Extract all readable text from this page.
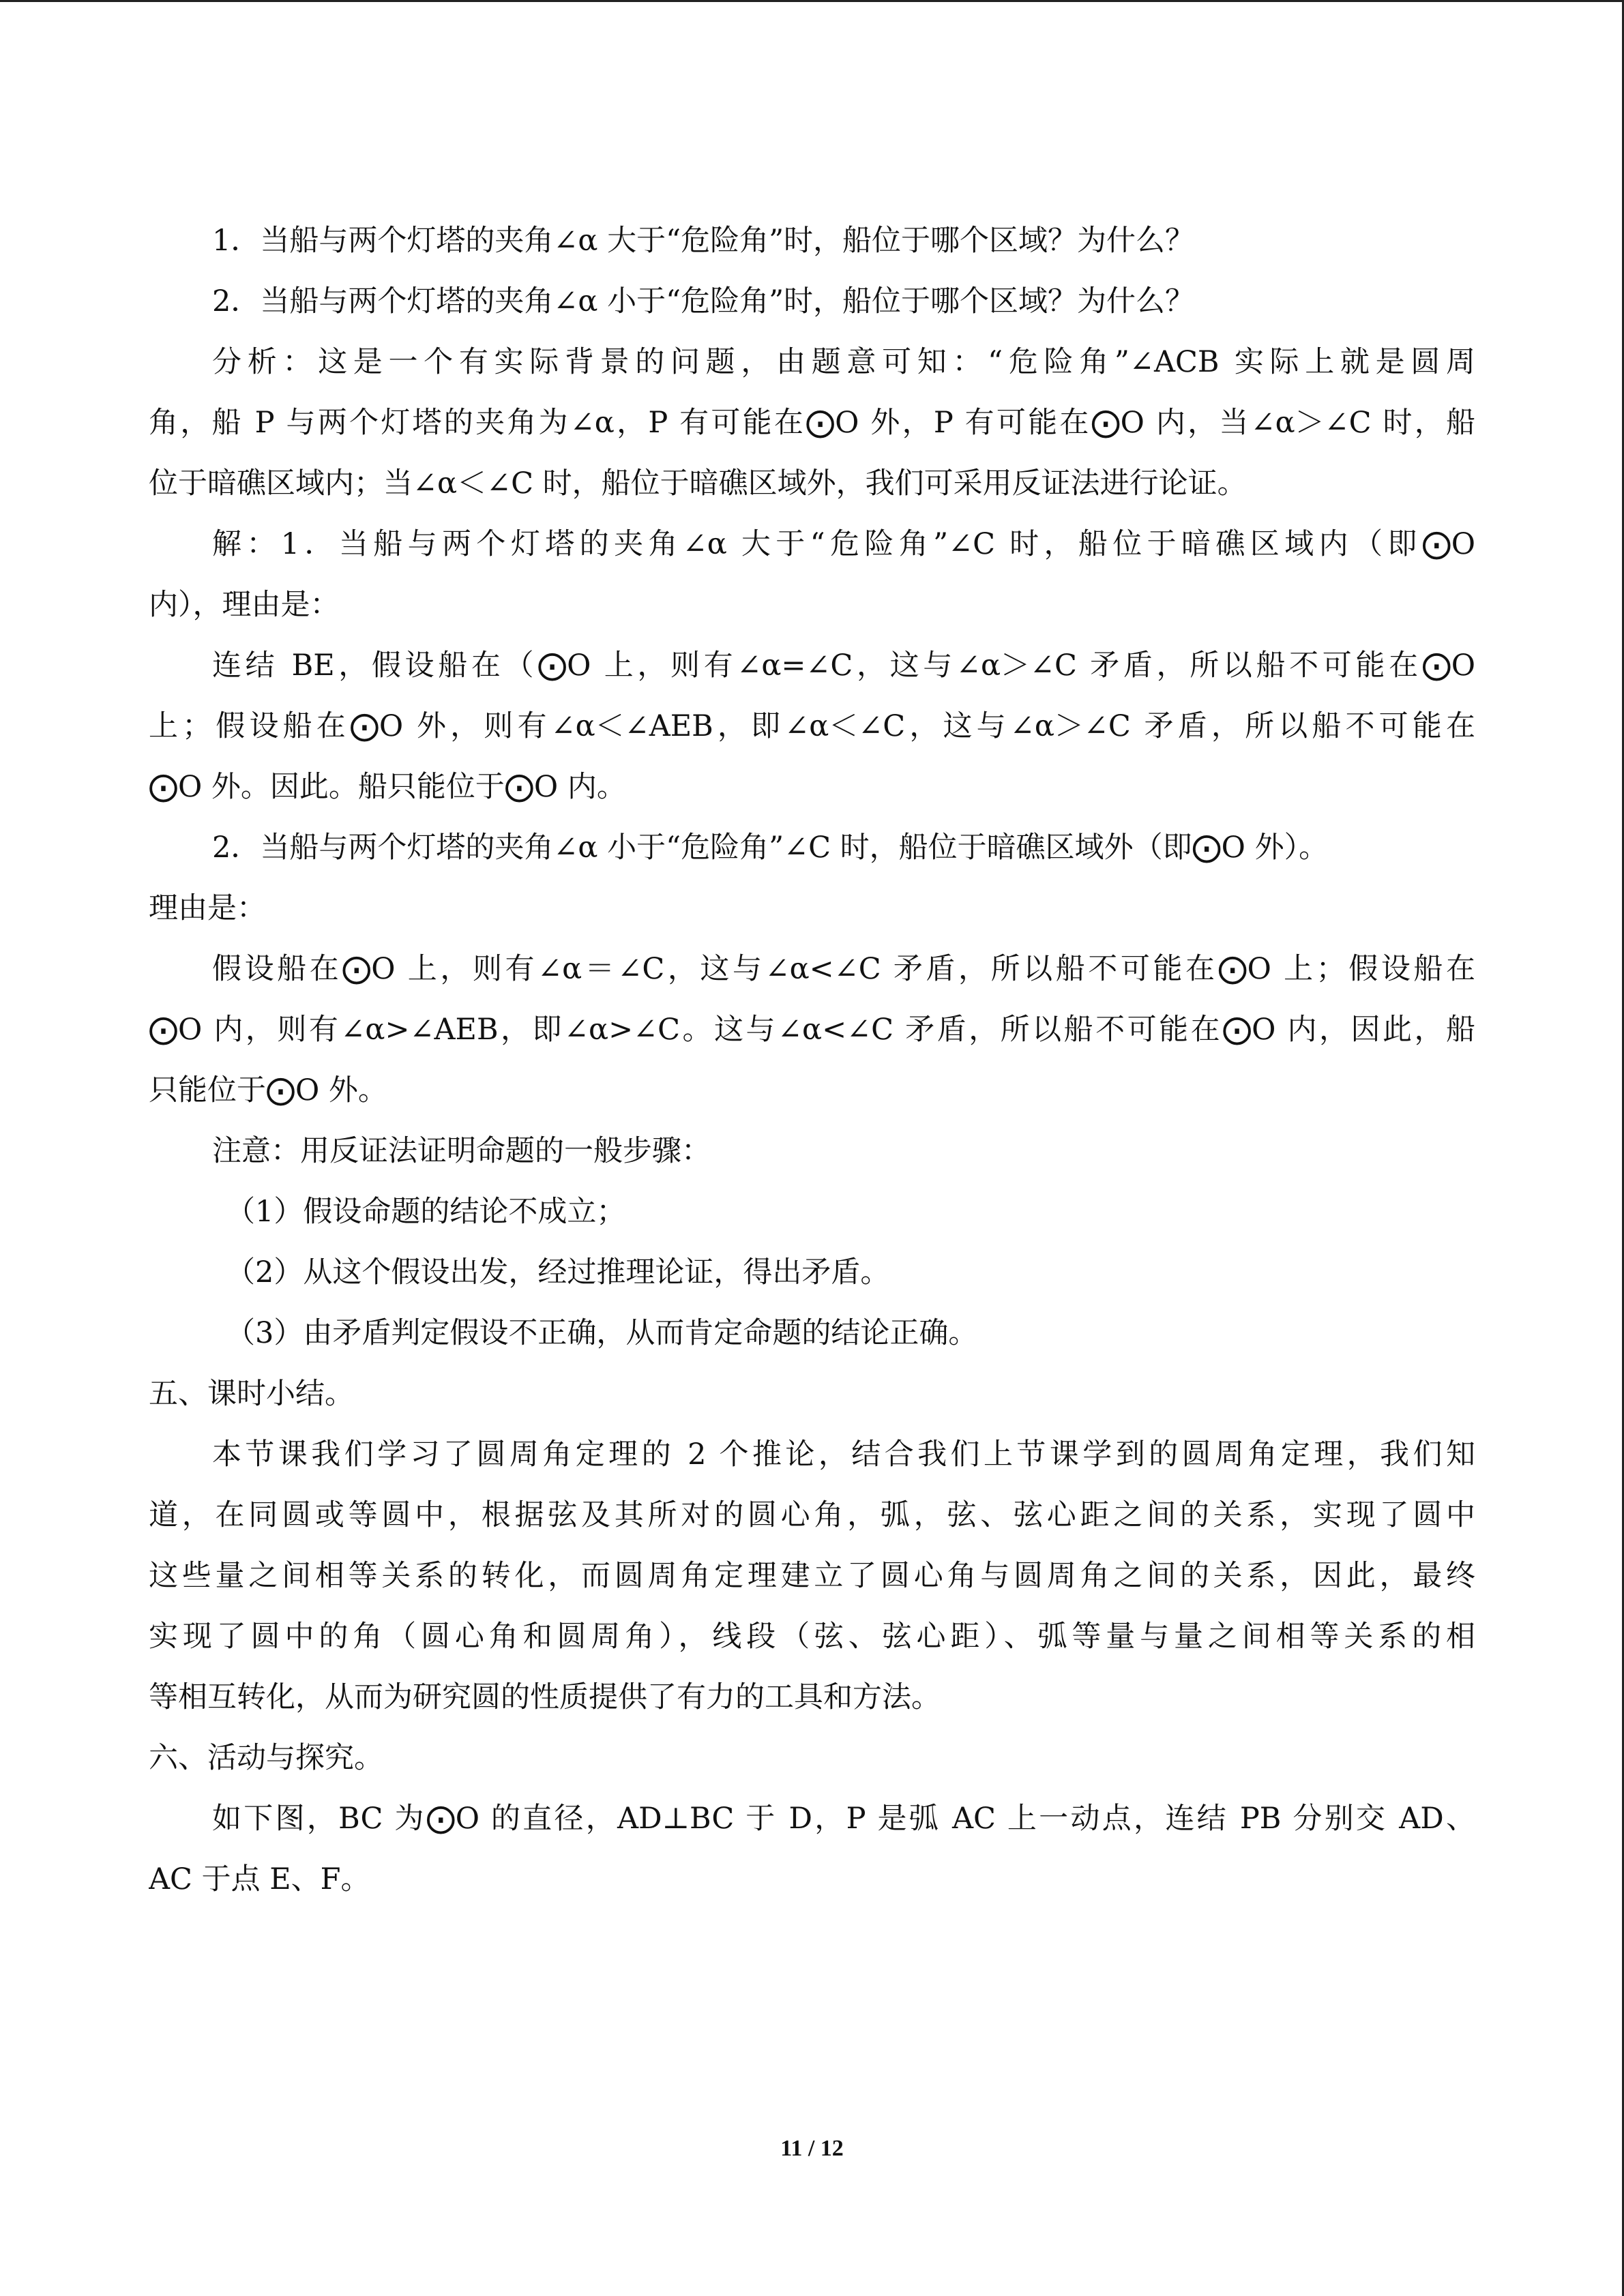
1．当船与两个灯塔的夹角∠α 大于“危险角”时，船位于哪个区域？为什么？
2．当船与两个灯塔的夹角∠α 小于“危险角”时，船位于哪个区域？为什么？
分析：这是一个有实际背景的问题，由题意可知：“危险角”∠ACB 实际上就是圆周
角，船 P 与两个灯塔的夹角为∠α，P 有可能在⨀O 外，P 有可能在⨀O 内，当∠α＞∠C 时，船
位于暗礁区域内；当∠α＜∠C 时，船位于暗礁区域外，我们可采用反证法进行论证。
解：1．当船与两个灯塔的夹角∠α 大于“危险角”∠C 时，船位于暗礁区域内（即⨀O
内），理由是：
连结 BE，假设船在（⨀O 上，则有∠α=∠C，这与∠α＞∠C 矛盾，所以船不可能在⨀O
上；假设船在⨀O 外，则有∠α＜∠AEB，即∠α＜∠C，这与∠α＞∠C 矛盾，所以船不可能在
⨀O 外。因此。船只能位于⨀O 内。
2．当船与两个灯塔的夹角∠α 小于“危险角”∠C 时，船位于暗礁区域外（即⨀O 外）。
理由是：
假设船在⨀O 上，则有∠α＝∠C，这与∠α<∠C 矛盾，所以船不可能在⨀O 上；假设船在
⨀O 内，则有∠α>∠AEB，即∠α>∠C。这与∠α<∠C 矛盾，所以船不可能在⨀O 内，因此，船
只能位于⨀O 外。
注意：用反证法证明命题的一般步骤：
（1）假设命题的结论不成立；
（2）从这个假设出发，经过推理论证，得出矛盾。
（3）由矛盾判定假设不正确，从而肯定命题的结论正确。
五、课时小结。
本节课我们学习了圆周角定理的 2 个推论，结合我们上节课学到的圆周角定理，我们知
道，在同圆或等圆中，根据弦及其所对的圆心角，弧，弦、弦心距之间的关系，实现了圆中
这些量之间相等关系的转化，而圆周角定理建立了圆心角与圆周角之间的关系，因此，最终
实现了圆中的角（圆心角和圆周角），线段（弦、弦心距）、弧等量与量之间相等关系的相
等相互转化，从而为研究圆的性质提供了有力的工具和方法。
六、活动与探究。
如下图，BC 为⨀O 的直径，AD⊥BC 于 D，P 是弧 AC 上一动点，连结 PB 分别交 AD、
AC 于点 E、F。
11 / 12
